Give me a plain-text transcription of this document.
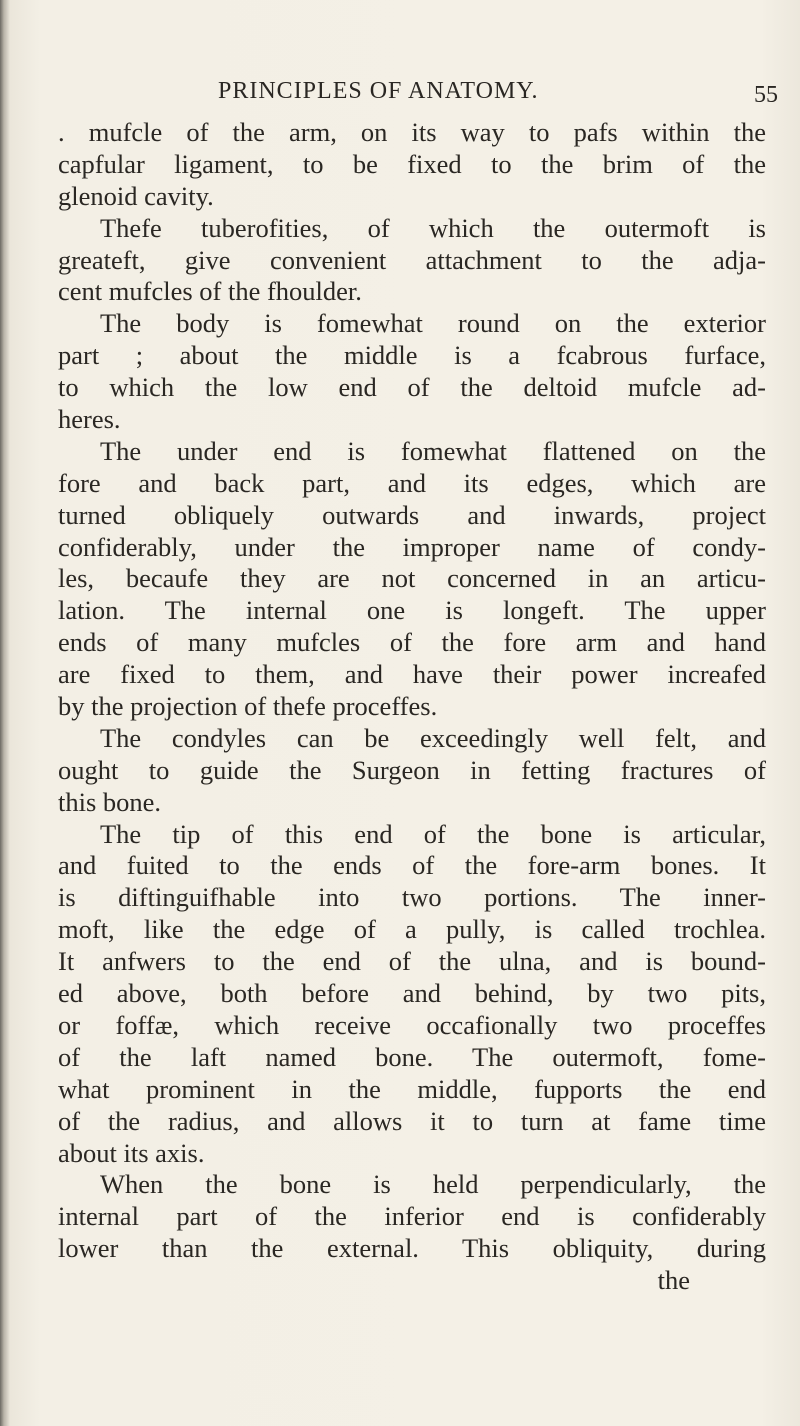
PRINCIPLES OF ANATOMY.	55
. mufcle of the arm, on its way to pafs within the
capfular ligament, to be fixed to the brim of the
glenoid cavity.
Thefe tuberofities, of which the outermoft is
greateft, give convenient attachment to the adja-
cent mufcles of the fhoulder.
The body is fomewhat round on the exterior
part ; about the middle is a fcabrous furface,
to which the low end of the deltoid mufcle ad-
heres.
The under end is fomewhat flattened on the
fore and back part, and its edges, which are
turned obliquely outwards and inwards, project
confiderably, under the improper name of condy-
les, becaufe they are not concerned in an articu-
lation. The internal one is longeft. The upper
ends of many mufcles of the fore arm and hand
are fixed to them, and have their power increafed
by the projection of thefe proceffes.
The condyles can be exceedingly well felt, and
ought to guide the Surgeon in fetting fractures of
this bone.
The tip of this end of the bone is articular,
and fuited to the ends of the fore-arm bones. It
is diftinguifhable into two portions. The inner-
moft, like the edge of a pully, is called trochlea.
It anfwers to the end of the ulna, and is bound-
ed above, both before and behind, by two pits,
or foffæ, which receive occafionally two proceffes
of the laft named bone. The outermoft, fome-
what prominent in the middle, fupports the end
of the radius, and allows it to turn at fame time
about its axis.
When the bone is held perpendicularly, the
internal part of the inferior end is confiderably
lower than the external. This obliquity, during
the
